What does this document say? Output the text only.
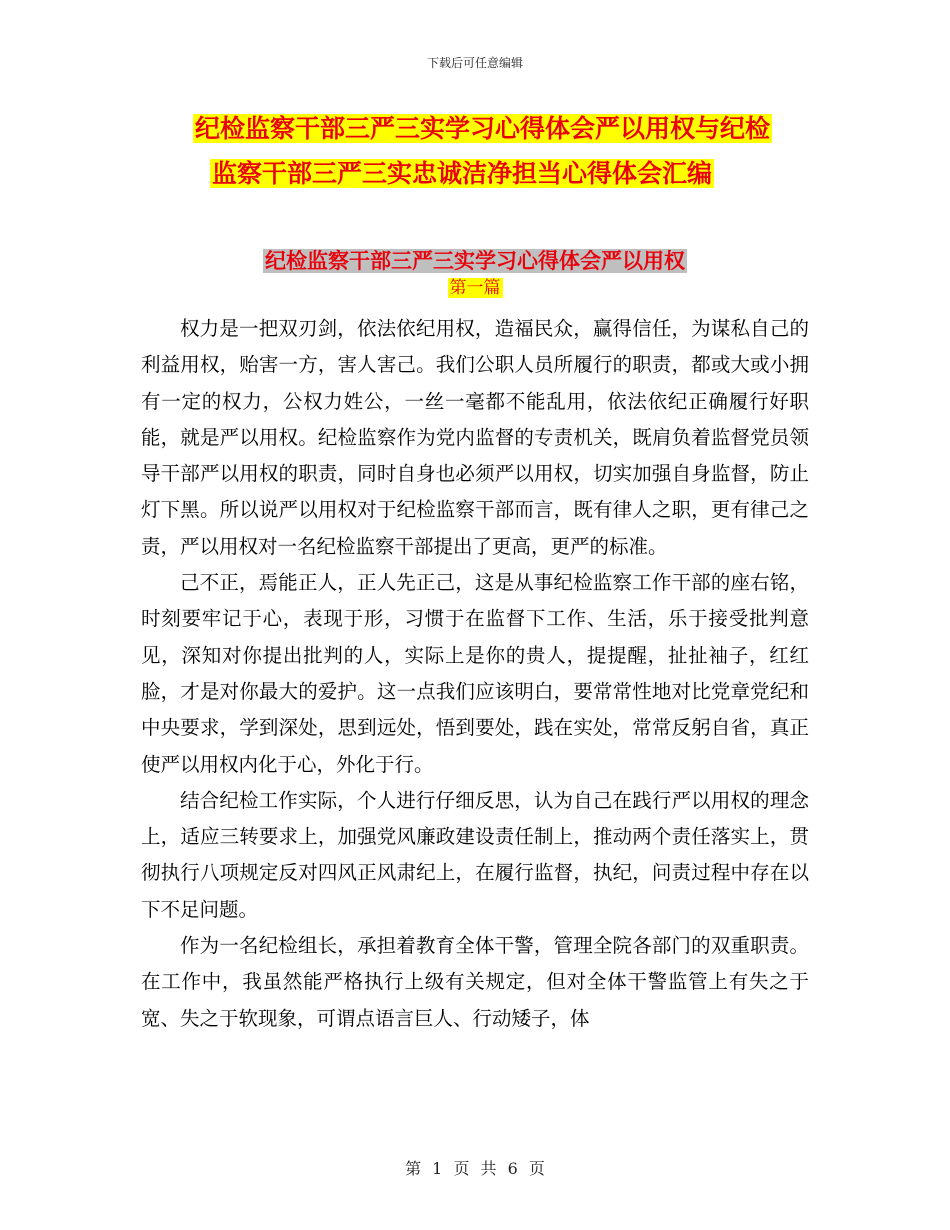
下载后可任意编辑
纪检监察干部三严三实学习心得体会严以用权与纪检
监察干部三严三实忠诚洁净担当心得体会汇编
纪检监察干部三严三实学习心得体会严以用权
第一篇

权力是一把双刃剑，依法依纪用权，造福民众，赢得信任，为谋私自己的利益用权，贻害一方，害人害己。我们公职人员所履行的职责，都或大或小拥有一定的权力，公权力姓公，一丝一毫都不能乱用，依法依纪正确履行好职能，就是严以用权。纪检监察作为党内监督的专责机关，既肩负着监督党员领导干部严以用权的职责，同时自身也必须严以用权，切实加强自身监督，防止灯下黑。所以说严以用权对于纪检监察干部而言，既有律人之职，更有律己之责，严以用权对一名纪检监察干部提出了更高，更严的标准。

己不正，焉能正人，正人先正己，这是从事纪检监察工作干部的座右铭，时刻要牢记于心，表现于形，习惯于在监督下工作、生活，乐于接受批判意见，深知对你提出批判的人，实际上是你的贵人，提提醒，扯扯袖子，红红脸，才是对你最大的爱护。这一点我们应该明白，要常常性地对比党章党纪和中央要求，学到深处，思到远处，悟到要处，践在实处，常常反躬自省，真正使严以用权内化于心，外化于行。

结合纪检工作实际，个人进行仔细反思，认为自己在践行严以用权的理念上，适应三转要求上，加强党风廉政建设责任制上，推动两个责任落实上，贯彻执行八项规定反对四风正风肃纪上，在履行监督，执纪，问责过程中存在以下不足问题。

作为一名纪检组长，承担着教育全体干警，管理全院各部门的双重职责。在工作中，我虽然能严格执行上级有关规定，但对全体干警监管上有失之于宽、失之于软现象，可谓点语言巨人、行动矮子，体

第 1 页 共 6 页
